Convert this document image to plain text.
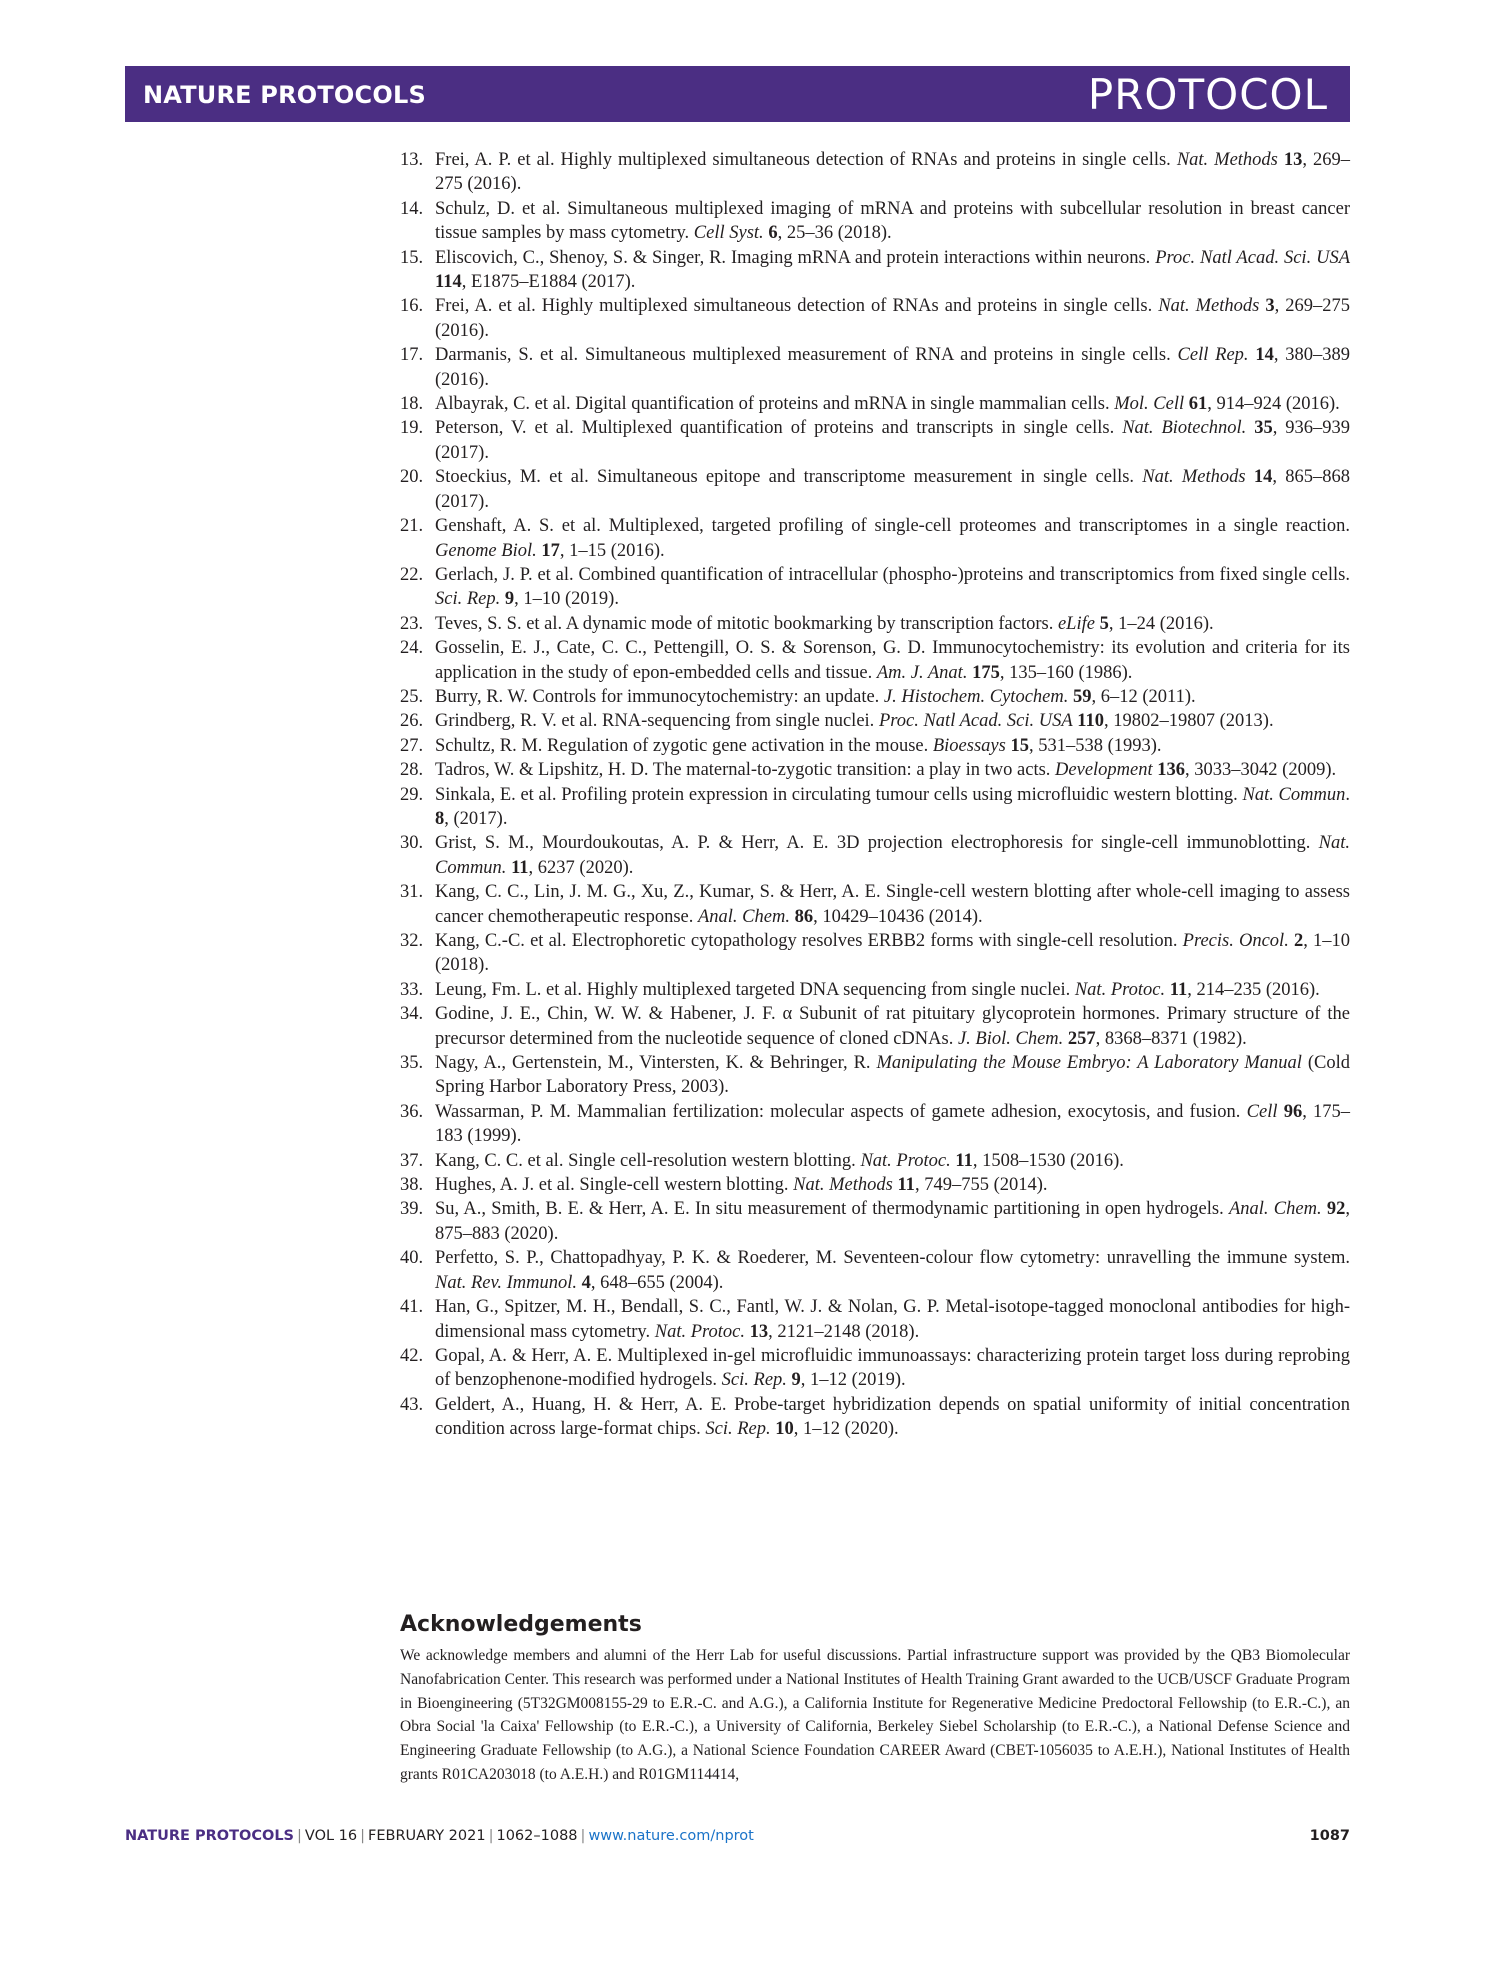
NATURE PROTOCOLS	PROTOCOL
13. Frei, A. P. et al. Highly multiplexed simultaneous detection of RNAs and proteins in single cells. Nat. Methods 13, 269–275 (2016).
14. Schulz, D. et al. Simultaneous multiplexed imaging of mRNA and proteins with subcellular resolution in breast cancer tissue samples by mass cytometry. Cell Syst. 6, 25–36 (2018).
15. Eliscovich, C., Shenoy, S. & Singer, R. Imaging mRNA and protein interactions within neurons. Proc. Natl Acad. Sci. USA 114, E1875–E1884 (2017).
16. Frei, A. et al. Highly multiplexed simultaneous detection of RNAs and proteins in single cells. Nat. Methods 3, 269–275 (2016).
17. Darmanis, S. et al. Simultaneous multiplexed measurement of RNA and proteins in single cells. Cell Rep. 14, 380–389 (2016).
18. Albayrak, C. et al. Digital quantification of proteins and mRNA in single mammalian cells. Mol. Cell 61, 914–924 (2016).
19. Peterson, V. et al. Multiplexed quantification of proteins and transcripts in single cells. Nat. Biotechnol. 35, 936–939 (2017).
20. Stoeckius, M. et al. Simultaneous epitope and transcriptome measurement in single cells. Nat. Methods 14, 865–868 (2017).
21. Genshaft, A. S. et al. Multiplexed, targeted profiling of single-cell proteomes and transcriptomes in a single reaction. Genome Biol. 17, 1–15 (2016).
22. Gerlach, J. P. et al. Combined quantification of intracellular (phospho-)proteins and transcriptomics from fixed single cells. Sci. Rep. 9, 1–10 (2019).
23. Teves, S. S. et al. A dynamic mode of mitotic bookmarking by transcription factors. eLife 5, 1–24 (2016).
24. Gosselin, E. J., Cate, C. C., Pettengill, O. S. & Sorenson, G. D. Immunocytochemistry: its evolution and criteria for its application in the study of epon-embedded cells and tissue. Am. J. Anat. 175, 135–160 (1986).
25. Burry, R. W. Controls for immunocytochemistry: an update. J. Histochem. Cytochem. 59, 6–12 (2011).
26. Grindberg, R. V. et al. RNA-sequencing from single nuclei. Proc. Natl Acad. Sci. USA 110, 19802–19807 (2013).
27. Schultz, R. M. Regulation of zygotic gene activation in the mouse. Bioessays 15, 531–538 (1993).
28. Tadros, W. & Lipshitz, H. D. The maternal-to-zygotic transition: a play in two acts. Development 136, 3033–3042 (2009).
29. Sinkala, E. et al. Profiling protein expression in circulating tumour cells using microfluidic western blotting. Nat. Commun. 8, (2017).
30. Grist, S. M., Mourdoukoutas, A. P. & Herr, A. E. 3D projection electrophoresis for single-cell immunoblotting. Nat. Commun. 11, 6237 (2020).
31. Kang, C. C., Lin, J. M. G., Xu, Z., Kumar, S. & Herr, A. E. Single-cell western blotting after whole-cell imaging to assess cancer chemotherapeutic response. Anal. Chem. 86, 10429–10436 (2014).
32. Kang, C.-C. et al. Electrophoretic cytopathology resolves ERBB2 forms with single-cell resolution. Precis. Oncol. 2, 1–10 (2018).
33. Leung, Fm. L. et al. Highly multiplexed targeted DNA sequencing from single nuclei. Nat. Protoc. 11, 214–235 (2016).
34. Godine, J. E., Chin, W. W. & Habener, J. F. α Subunit of rat pituitary glycoprotein hormones. Primary structure of the precursor determined from the nucleotide sequence of cloned cDNAs. J. Biol. Chem. 257, 8368–8371 (1982).
35. Nagy, A., Gertenstein, M., Vintersten, K. & Behringer, R. Manipulating the Mouse Embryo: A Laboratory Manual (Cold Spring Harbor Laboratory Press, 2003).
36. Wassarman, P. M. Mammalian fertilization: molecular aspects of gamete adhesion, exocytosis, and fusion. Cell 96, 175–183 (1999).
37. Kang, C. C. et al. Single cell-resolution western blotting. Nat. Protoc. 11, 1508–1530 (2016).
38. Hughes, A. J. et al. Single-cell western blotting. Nat. Methods 11, 749–755 (2014).
39. Su, A., Smith, B. E. & Herr, A. E. In situ measurement of thermodynamic partitioning in open hydrogels. Anal. Chem. 92, 875–883 (2020).
40. Perfetto, S. P., Chattopadhyay, P. K. & Roederer, M. Seventeen-colour flow cytometry: unravelling the immune system. Nat. Rev. Immunol. 4, 648–655 (2004).
41. Han, G., Spitzer, M. H., Bendall, S. C., Fantl, W. J. & Nolan, G. P. Metal-isotope-tagged monoclonal antibodies for high-dimensional mass cytometry. Nat. Protoc. 13, 2121–2148 (2018).
42. Gopal, A. & Herr, A. E. Multiplexed in-gel microfluidic immunoassays: characterizing protein target loss during reprobing of benzophenone-modified hydrogels. Sci. Rep. 9, 1–12 (2019).
43. Geldert, A., Huang, H. & Herr, A. E. Probe-target hybridization depends on spatial uniformity of initial concentration condition across large-format chips. Sci. Rep. 10, 1–12 (2020).
Acknowledgements

We acknowledge members and alumni of the Herr Lab for useful discussions. Partial infrastructure support was provided by the QB3 Biomolecular Nanofabrication Center. This research was performed under a National Institutes of Health Training Grant awarded to the UCB/USCF Graduate Program in Bioengineering (5T32GM008155-29 to E.R.-C. and A.G.), a California Institute for Regenerative Medicine Predoctoral Fellowship (to E.R.-C.), an Obra Social 'la Caixa' Fellowship (to E.R.-C.), a University of California, Berkeley Siebel Scholarship (to E.R.-C.), a National Defense Science and Engineering Graduate Fellowship (to A.G.), a National Science Foundation CAREER Award (CBET-1056035 to A.E.H.), National Institutes of Health grants R01CA203018 (to A.E.H.) and R01GM114414,

NATURE PROTOCOLS | VOL 16 | FEBRUARY 2021 | 1062–1088 | www.nature.com/nprot	1087
